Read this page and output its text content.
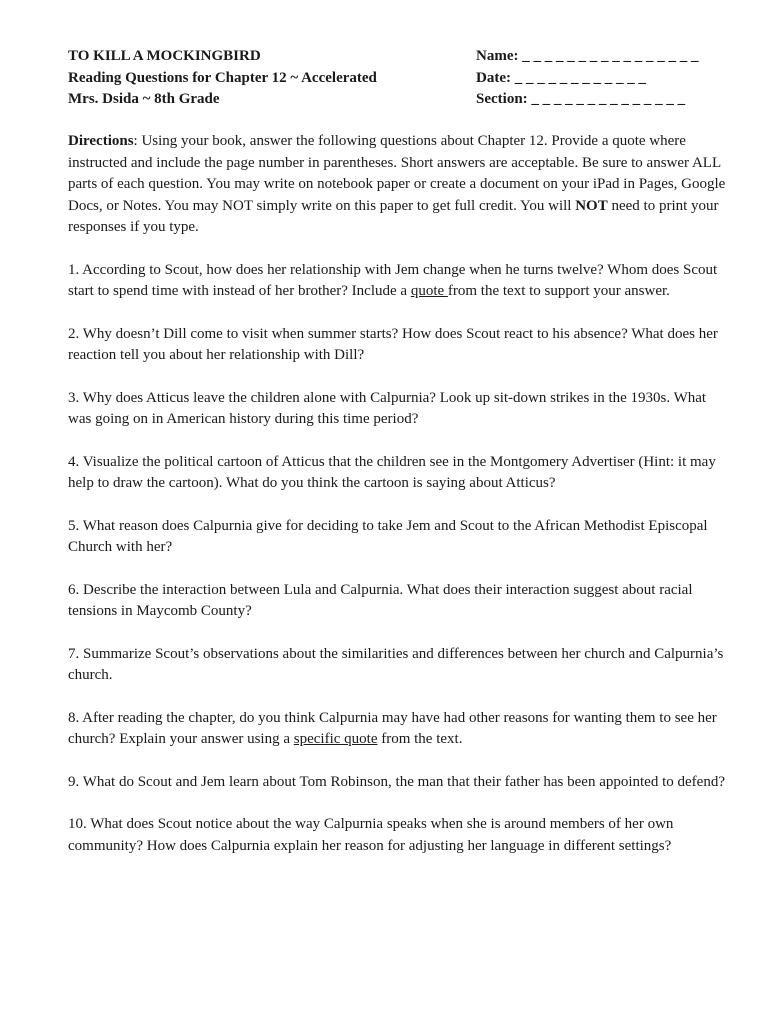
TO KILL A MOCKINGBIRD
Reading Questions for Chapter 12 ~ Accelerated
Mrs. Dsida ~ 8th Grade
Name: _ _ _ _ _ _ _ _ _ _ _ _ _ _ _ _
Date: _ _ _ _ _ _ _ _ _ _ _ _
Section: _ _ _ _ _ _ _ _ _ _ _ _ _ _

Directions: Using your book, answer the following questions about Chapter 12. Provide a quote where instructed and include the page number in parentheses. Short answers are acceptable. Be sure to answer ALL parts of each question. You may write on notebook paper or create a document on your iPad in Pages, Google Docs, or Notes. You may NOT simply write on this paper to get full credit. You will NOT need to print your responses if you type.

1. According to Scout, how does her relationship with Jem change when he turns twelve? Whom does Scout start to spend time with instead of her brother? Include a quote from the text to support your answer.

2. Why doesn’t Dill come to visit when summer starts? How does Scout react to his absence? What does her reaction tell you about her relationship with Dill?

3. Why does Atticus leave the children alone with Calpurnia? Look up sit-down strikes in the 1930s. What was going on in American history during this time period?

4. Visualize the political cartoon of Atticus that the children see in the Montgomery Advertiser (Hint: it may help to draw the cartoon). What do you think the cartoon is saying about Atticus?

5. What reason does Calpurnia give for deciding to take Jem and Scout to the African Methodist Episcopal Church with her?

6. Describe the interaction between Lula and Calpurnia. What does their interaction suggest about racial tensions in Maycomb County?

7. Summarize Scout’s observations about the similarities and differences between her church and Calpurnia’s church.

8. After reading the chapter, do you think Calpurnia may have had other reasons for wanting them to see her church? Explain your answer using a specific quote from the text.

9. What do Scout and Jem learn about Tom Robinson, the man that their father has been appointed to defend?

10. What does Scout notice about the way Calpurnia speaks when she is around members of her own community? How does Calpurnia explain her reason for adjusting her language in different settings?
